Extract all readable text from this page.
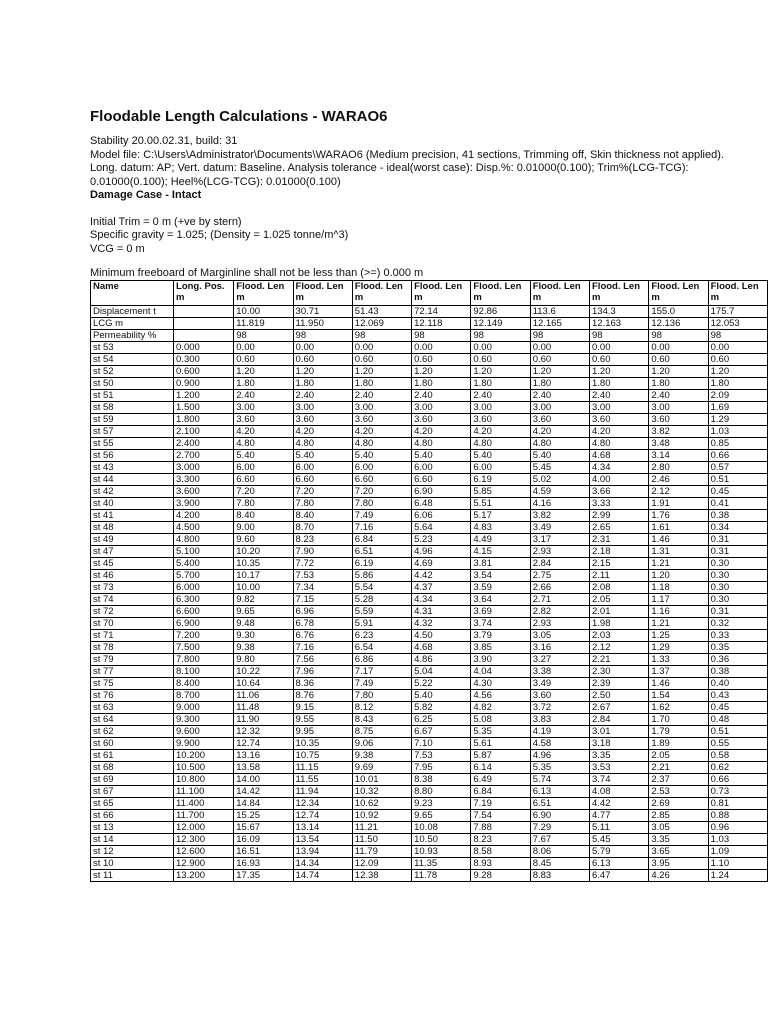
Floodable Length Calculations - WARAO6
Stability 20.00.02.31, build: 31
Model file: C:\Users\Administrator\Documents\WARAO6 (Medium precision, 41 sections, Trimming off, Skin thickness not applied). Long. datum: AP; Vert. datum: Baseline. Analysis tolerance - ideal(worst case): Disp.%: 0.01000(0.100); Trim%(LCG-TCG): 0.01000(0.100); Heel%(LCG-TCG): 0.01000(0.100)
Damage Case - Intact
Initial Trim = 0 m (+ve by stern)
Specific gravity = 1.025; (Density = 1.025 tonne/m^3)
VCG = 0 m
Minimum freeboard of Marginline shall not be less than (>=) 0.000 m
Name	Long. Pos. m	Flood. Len m	Flood. Len m	Flood. Len m	Flood. Len m	Flood. Len m	Flood. Len m	Flood. Len m	Flood. Len m	Flood. Len m
Displacement t		10.00	30.71	51.43	72.14	92.86	113.6	134.3	155.0	175.7
LCG m		11.819	11.950	12.069	12.118	12.149	12.165	12.163	12.136	12.053
Permeability %		98	98	98	98	98	98	98	98	98
st 53	0.000	0.00	0.00	0.00	0.00	0.00	0.00	0.00	0.00	0.00
st 54	0.300	0.60	0.60	0.60	0.60	0.60	0.60	0.60	0.60	0.60
st 52	0.600	1.20	1.20	1.20	1.20	1.20	1.20	1.20	1.20	1.20
st 50	0.900	1.80	1.80	1.80	1.80	1.80	1.80	1.80	1.80	1.80
st 51	1.200	2.40	2.40	2.40	2.40	2.40	2.40	2.40	2.40	2.09
st 58	1.500	3.00	3.00	3.00	3.00	3.00	3.00	3.00	3.00	1.69
st 59	1.800	3.60	3.60	3.60	3.60	3.60	3.60	3.60	3.60	1.29
st 57	2.100	4.20	4.20	4.20	4.20	4.20	4.20	4.20	3.82	1.03
st 55	2.400	4.80	4.80	4.80	4.80	4.80	4.80	4.80	3.48	0.85
st 56	2.700	5.40	5.40	5.40	5.40	5.40	5.40	4.68	3.14	0.66
st 43	3.000	6.00	6.00	6.00	6.00	6.00	5.45	4.34	2.80	0.57
st 44	3.300	6.60	6.60	6.60	6.60	6.19	5.02	4.00	2.46	0.51
st 42	3.600	7.20	7.20	7.20	6.90	5.85	4.59	3.66	2.12	0.45
st 40	3.900	7.80	7.80	7.80	6.48	5.51	4.16	3.33	1.91	0.41
st 41	4.200	8.40	8.40	7.49	6.06	5.17	3.82	2.99	1.76	0.38
st 48	4.500	9.00	8.70	7.16	5.64	4.83	3.49	2.65	1.61	0.34
st 49	4.800	9.60	8.23	6.84	5.23	4.49	3.17	2.31	1.46	0.31
st 47	5.100	10.20	7.90	6.51	4.96	4.15	2.93	2.18	1.31	0.31
st 45	5.400	10.35	7.72	6.19	4.69	3.81	2.84	2.15	1.21	0.30
st 46	5.700	10.17	7.53	5.86	4.42	3.54	2.75	2.11	1.20	0.30
st 73	6.000	10.00	7.34	5.54	4.37	3.59	2.66	2.08	1.18	0.30
st 74	6.300	9.82	7.15	5.28	4.34	3.64	2.71	2.05	1.17	0.30
st 72	6.600	9.65	6.96	5.59	4.31	3.69	2.82	2.01	1.16	0.31
st 70	6.900	9.48	6.78	5.91	4.32	3.74	2.93	1.98	1.21	0.32
st 71	7.200	9.30	6.76	6.23	4.50	3.79	3.05	2.03	1.25	0.33
st 78	7.500	9.38	7.16	6.54	4.68	3.85	3.16	2.12	1.29	0.35
st 79	7.800	9.80	7.56	6.86	4.86	3.90	3.27	2.21	1.33	0.36
st 77	8.100	10.22	7.96	7.17	5.04	4.04	3.38	2.30	1.37	0.38
st 75	8.400	10.64	8.36	7.49	5.22	4.30	3.49	2.39	1.46	0.40
st 76	8.700	11.06	8.76	7.80	5.40	4.56	3.60	2.50	1.54	0.43
st 63	9.000	11.48	9.15	8.12	5.82	4.82	3.72	2.67	1.62	0.45
st 64	9.300	11.90	9.55	8.43	6.25	5.08	3.83	2.84	1.70	0.48
st 62	9.600	12.32	9.95	8.75	6.67	5.35	4.19	3.01	1.79	0.51
st 60	9.900	12.74	10.35	9.06	7.10	5.61	4.58	3.18	1.89	0.55
st 61	10.200	13.16	10.75	9.38	7.53	5.87	4.96	3.35	2.05	0.58
st 68	10.500	13.58	11.15	9.69	7.95	6.14	5.35	3.53	2.21	0.62
st 69	10.800	14.00	11.55	10.01	8.38	6.49	5.74	3.74	2.37	0.66
st 67	11.100	14.42	11.94	10.32	8.80	6.84	6.13	4.08	2.53	0.73
st 65	11.400	14.84	12.34	10.62	9.23	7.19	6.51	4.42	2.69	0.81
st 66	11.700	15.25	12.74	10.92	9.65	7.54	6.90	4.77	2.85	0.88
st 13	12.000	15.67	13.14	11.21	10.08	7.88	7.29	5.11	3.05	0.96
st 14	12.300	16.09	13.54	11.50	10.50	8.23	7.67	5.45	3.35	1.03
st 12	12.600	16.51	13.94	11.79	10.93	8.58	8.06	5.79	3.65	1.09
st 10	12.900	16.93	14.34	12.09	11.35	8.93	8.45	6.13	3.95	1.10
st 11	13.200	17.35	14.74	12.38	11.78	9.28	8.83	6.47	4.26	1.24
